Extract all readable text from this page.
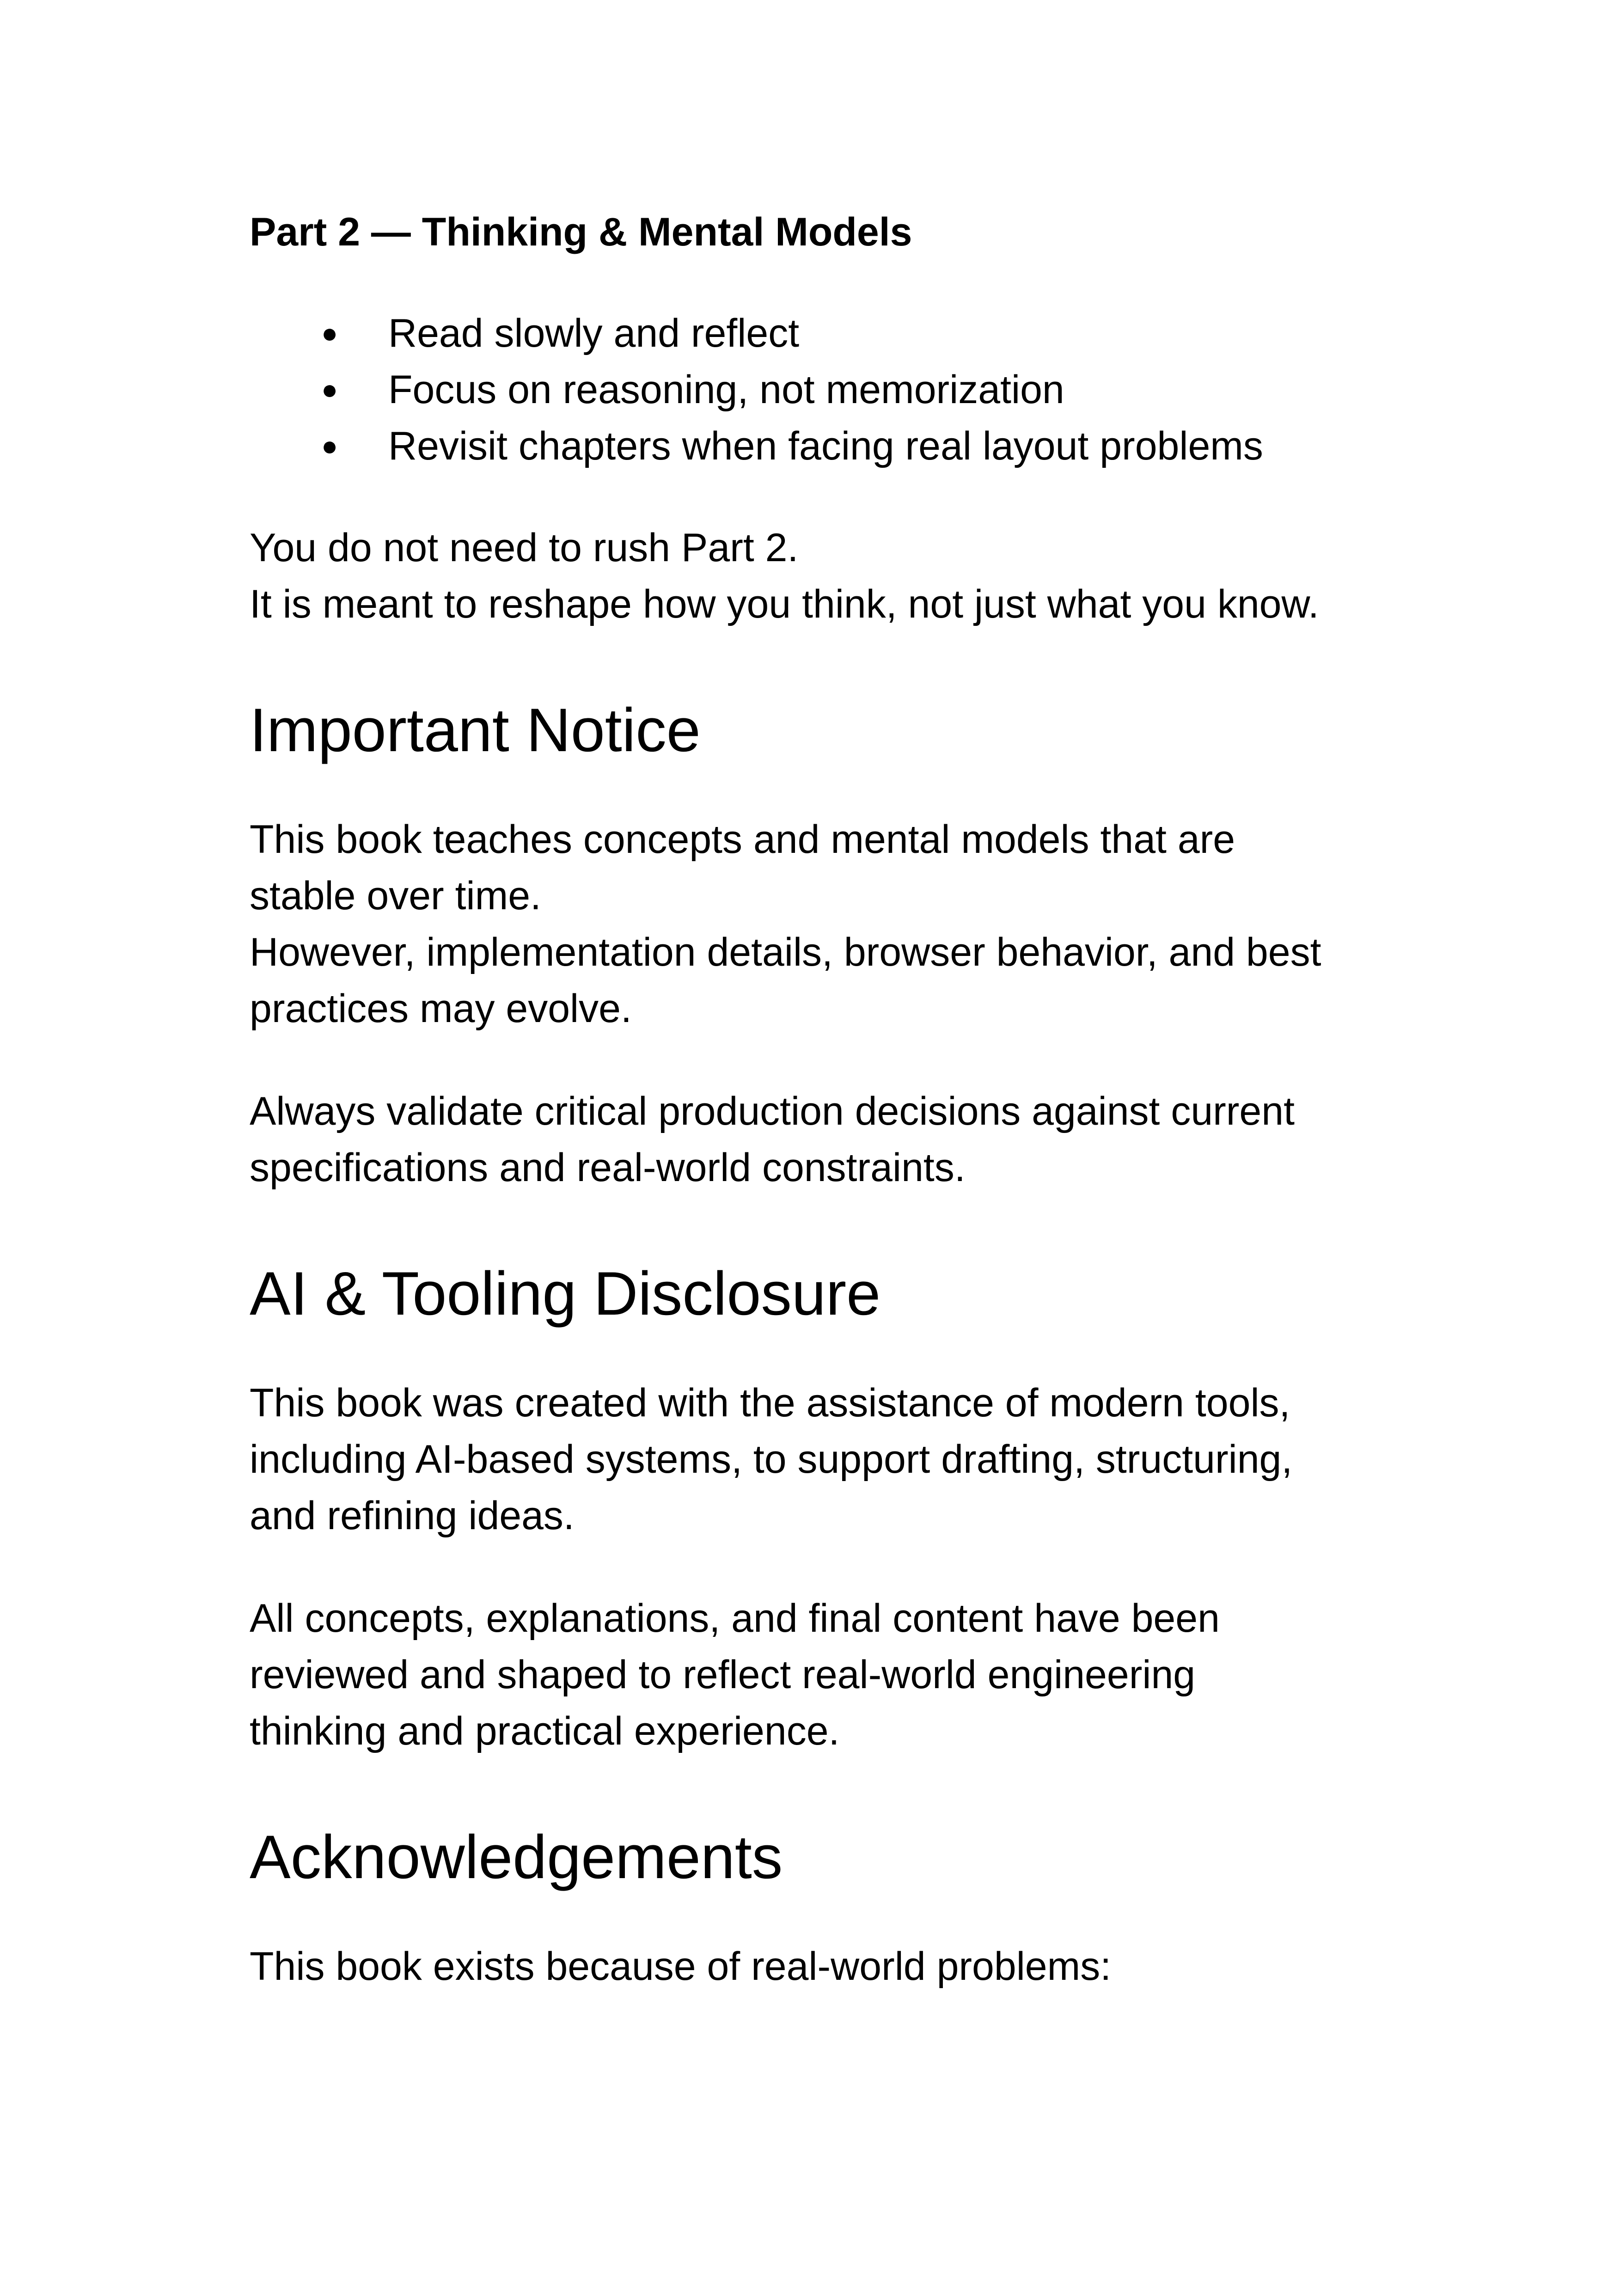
Part 2 — Thinking & Mental Models
● Read slowly and reflect
● Focus on reasoning, not memorization
● Revisit chapters when facing real layout problems

You do not need to rush Part 2.

It is meant to reshape how you think, not just what you know.

Important Notice

This book teaches concepts and mental models that are

stable over time.

However, implementation details, browser behavior, and best

practices may evolve.

Always validate critical production decisions against current

specifications and real-world constraints.

AI & Tooling Disclosure

This book was created with the assistance of modern tools,

including AI-based systems, to support drafting, structuring,

and refining ideas.

All concepts, explanations, and final content have been

reviewed and shaped to reflect real-world engineering

thinking and practical experience.

Acknowledgements

This book exists because of real-world problems:
